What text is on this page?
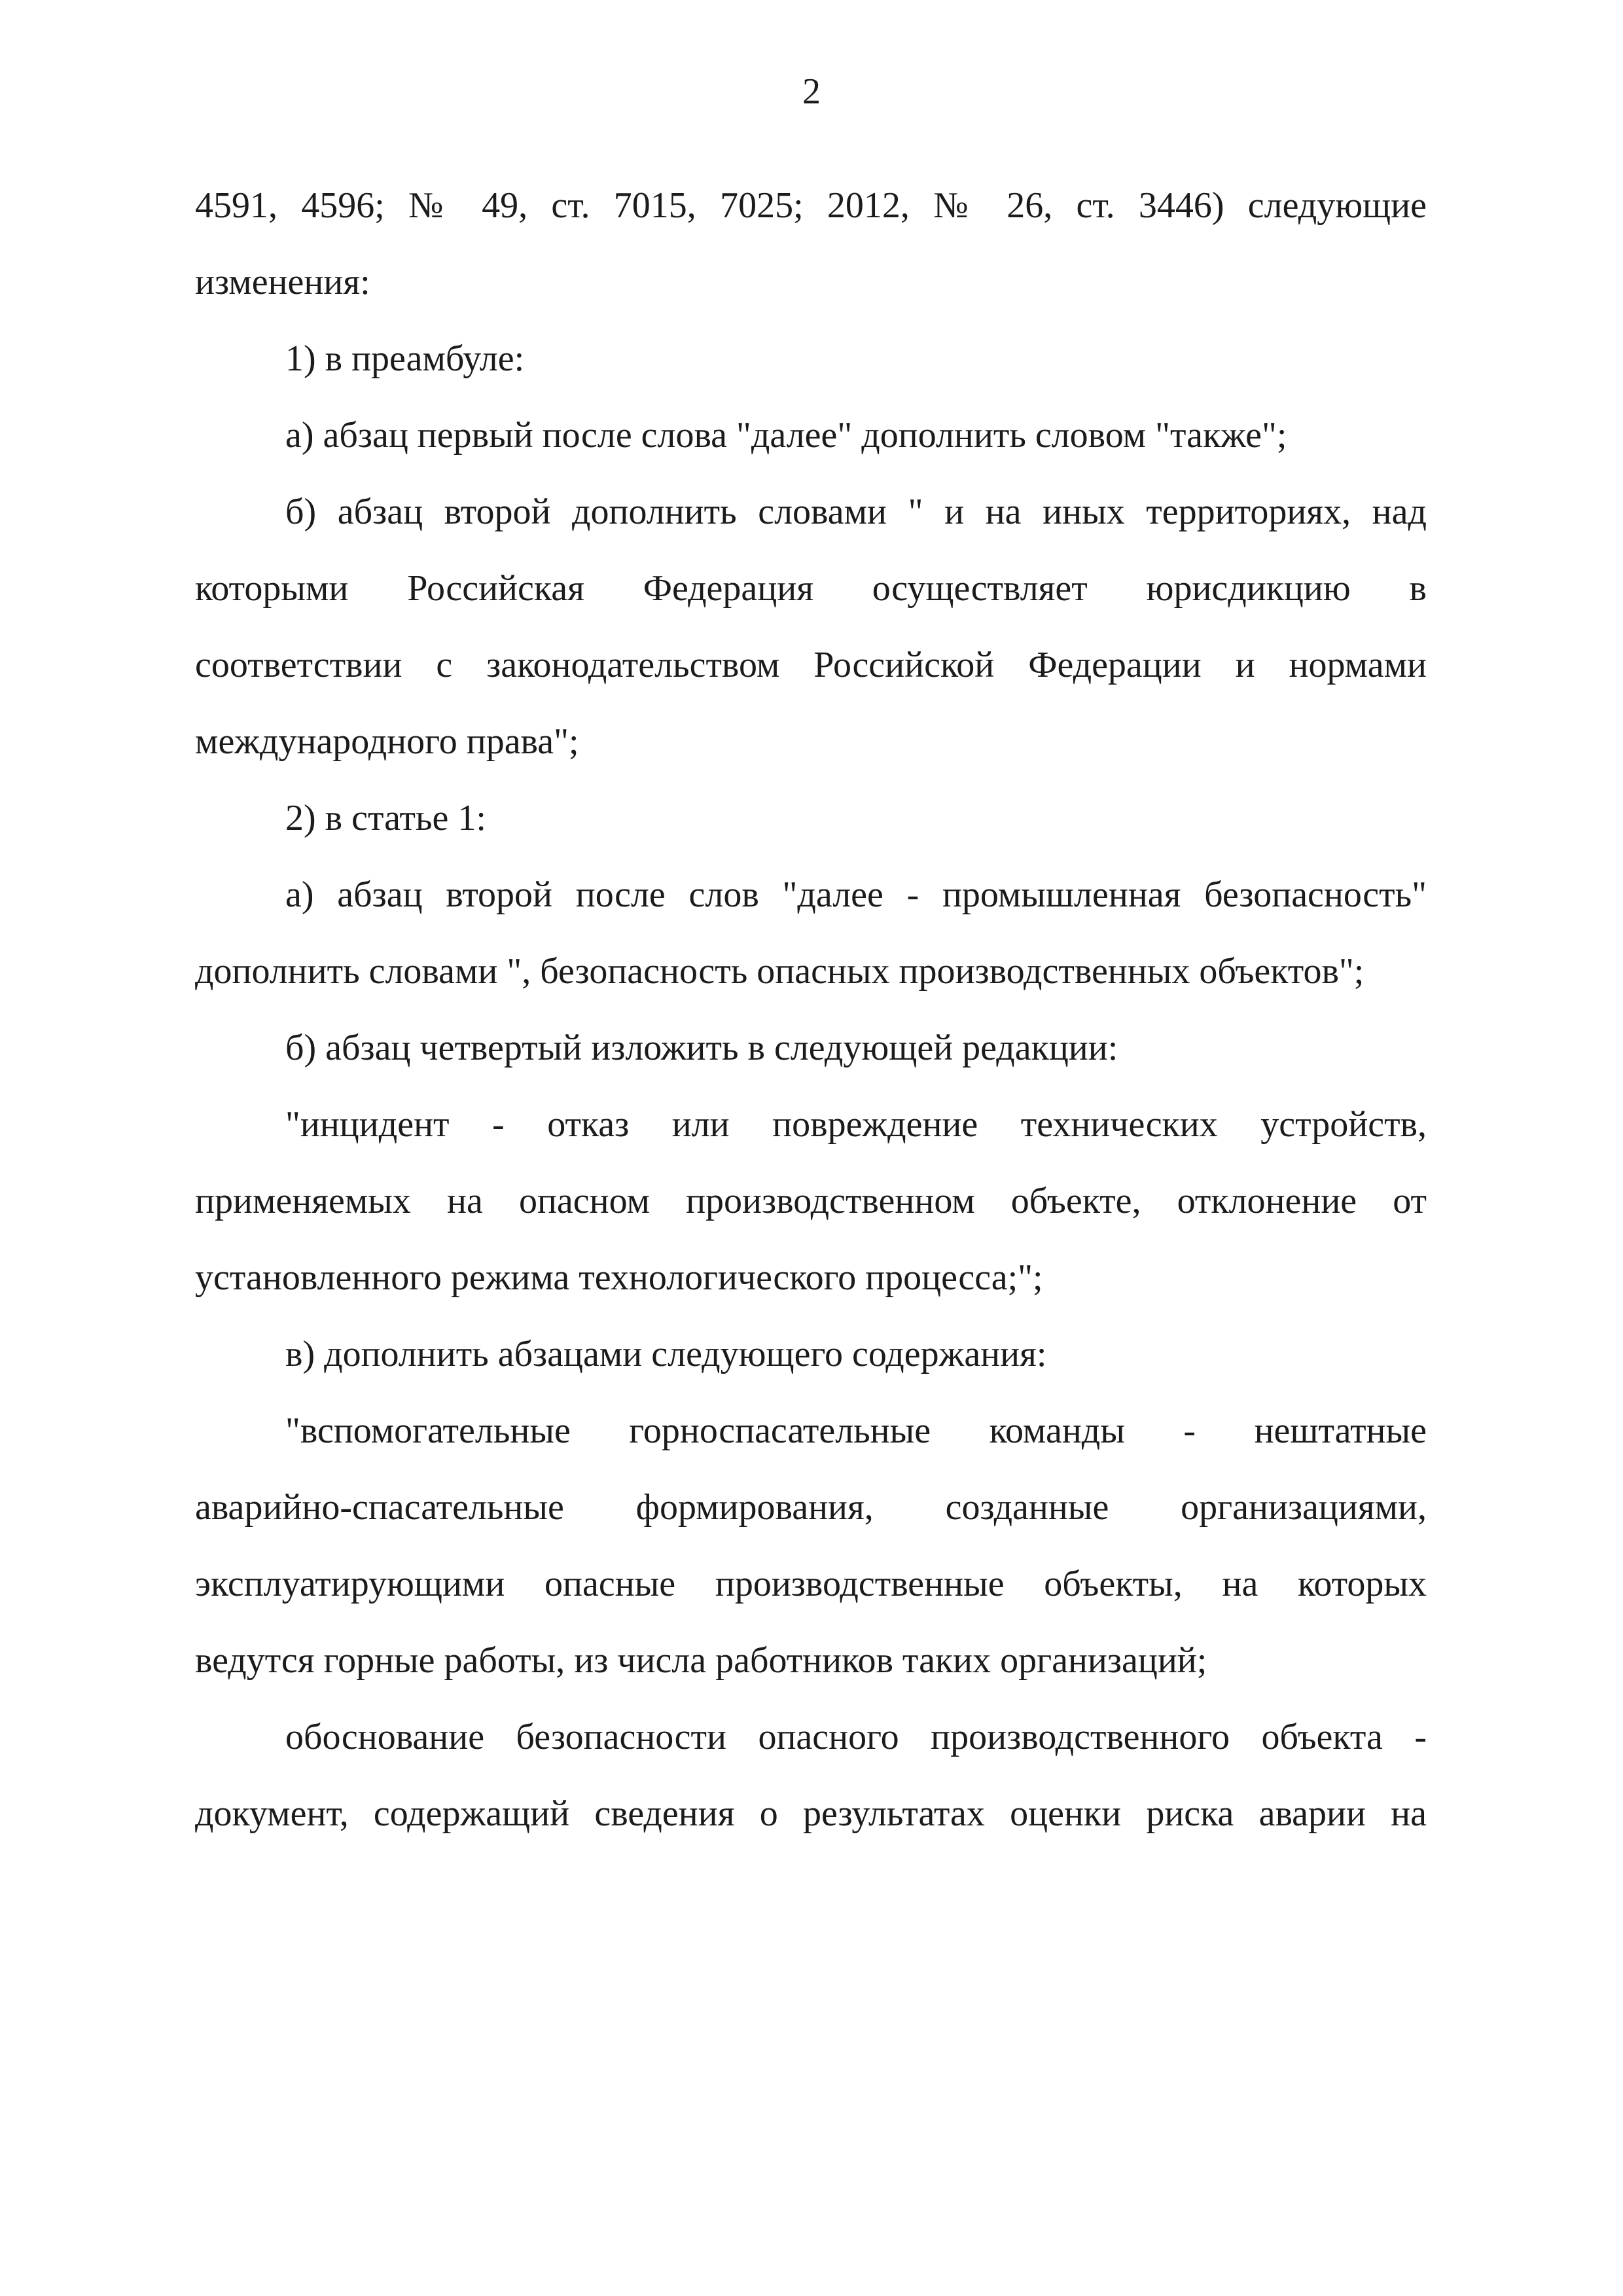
2

4591, 4596; № 49, ст. 7015, 7025; 2012, № 26, ст. 3446) следующие
изменения:

1) в преамбуле:

а) абзац первый после слова "далее" дополнить словом "также";

б) абзац второй дополнить словами " и на иных территориях, над
которыми Российская Федерация осуществляет юрисдикцию в
соответствии с законодательством Российской Федерации и нормами
международного права";

2) в статье 1:

а) абзац второй после слов "далее - промышленная безопасность"
дополнить словами ", безопасность опасных производственных объектов";

б) абзац четвертый изложить в следующей редакции:

"инцидент - отказ или повреждение технических устройств,
применяемых на опасном производственном объекте, отклонение от
установленного режима технологического процесса;";

в) дополнить абзацами следующего содержания:

"вспомогательные горноспасательные команды - нештатные
аварийно-спасательные формирования, созданные организациями,
эксплуатирующими опасные производственные объекты, на которых
ведутся горные работы, из числа работников таких организаций;

обоснование безопасности опасного производственного объекта -
документ, содержащий сведения о результатах оценки риска аварии на
